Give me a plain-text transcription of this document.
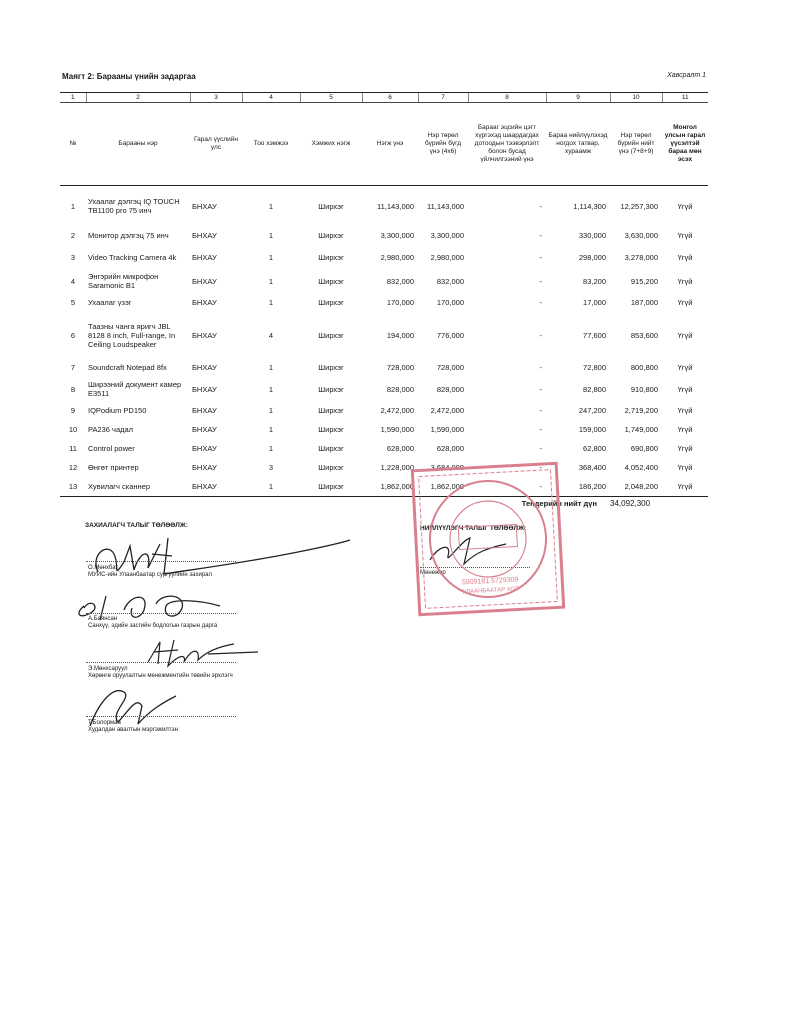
Маягт 2: Барааны үнийн задаргаа	Хавсралт 1
1	2	3	4	5	6	7	8	9	10	11
№	Барааны нэр	Гарал үүслийн улс	Тоо хэмжээ	Хэмжих нэгж	Нэгж үнэ	Нэр төрөл бүрийн бүгд үнэ (4х6)	Барааг эцсийн цэгт хүргэхэд шаардагдах дотоодын тээвэрлэлт болон бусад үйлчилгээний үнэ	Бараа нийлүүлэхэд ногдох татвар, хураамж	Нэр төрөл бүрийн нийт үнэ (7+8+9)	Монгол улсын гарал үүсэлтэй бараа мөн эсэх
1	Ухаалаг дэлгэц IQ TOUCH TB1100 pro 75 инч	БНХАУ	1	Ширхэг	11,143,000	11,143,000	-	1,114,300	12,257,300	Үгүй
2	Монитор дэлгэц 75 инч	БНХАУ	1	Ширхэг	3,300,000	3,300,000	-	330,000	3,630,000	Үгүй
3	Video Tracking Camera 4k	БНХАУ	1	Ширхэг	2,980,000	2,980,000	-	298,000	3,278,000	Үгүй
4	Энгэрийн микрофон Saramonic B1	БНХАУ	1	Ширхэг	832,000	832,000	-	83,200	915,200	Үгүй
5	Ухаалаг үзэг	БНХАУ	1	Ширхэг	170,000	170,000	-	17,000	187,000	Үгүй
6	Таазны чанга яригч JBL 8128 8 inch, Full-range, In Ceiling Loudspeaker	БНХАУ	4	Ширхэг	194,000	776,000	-	77,600	853,600	Үгүй
7	Soundcraft Notepad 8fx	БНХАУ	1	Ширхэг	728,000	728,000	-	72,800	800,800	Үгүй
8	Ширээний документ камер E3511	БНХАУ	1	Ширхэг	828,000	828,000	-	82,800	910,800	Үгүй
9	IQPodium PD150	БНХАУ	1	Ширхэг	2,472,000	2,472,000	-	247,200	2,719,200	Үгүй
10	PA236 чадал	БНХАУ	1	Ширхэг	1,590,000	1,590,000	-	159,000	1,749,000	Үгүй
11	Control power	БНХАУ	1	Ширхэг	628,000	628,000	-	62,800	690,800	Үгүй
12	Өнгөт принтер	БНХАУ	3	Ширхэг	1,228,000	3,684,000	-	368,400	4,052,400	Үгүй
13	Хувилагч сканнер	БНХАУ	1	Ширхэг	1,862,000	1,862,000	-	186,200	2,048,200	Үгүй
Тендерийн нийт дүн 34,092,300
ЗАХИАЛАГЧ ТАЛЫГ ТӨЛӨӨЛЖ:
О.Мөнхбат
МУИС-ийн Улаанбаатар сургуулийн захирал
А.Баянсан
Санхүү, эдийн засгийн бодлогын газрын дарга
Э.Мөнхсаруул
Хөрөнгө оруулалтын менежментийн төвийн эрхлэгч
Т.Болормаа
Худалдан авалтын мэргэжилтэн
НИЙЛҮҮЛЭГЧ ТАЛЫГ ТӨЛӨӨЛЖ:
Менежер
5909181 5729309
УЛААНБААТАР ХОТ
